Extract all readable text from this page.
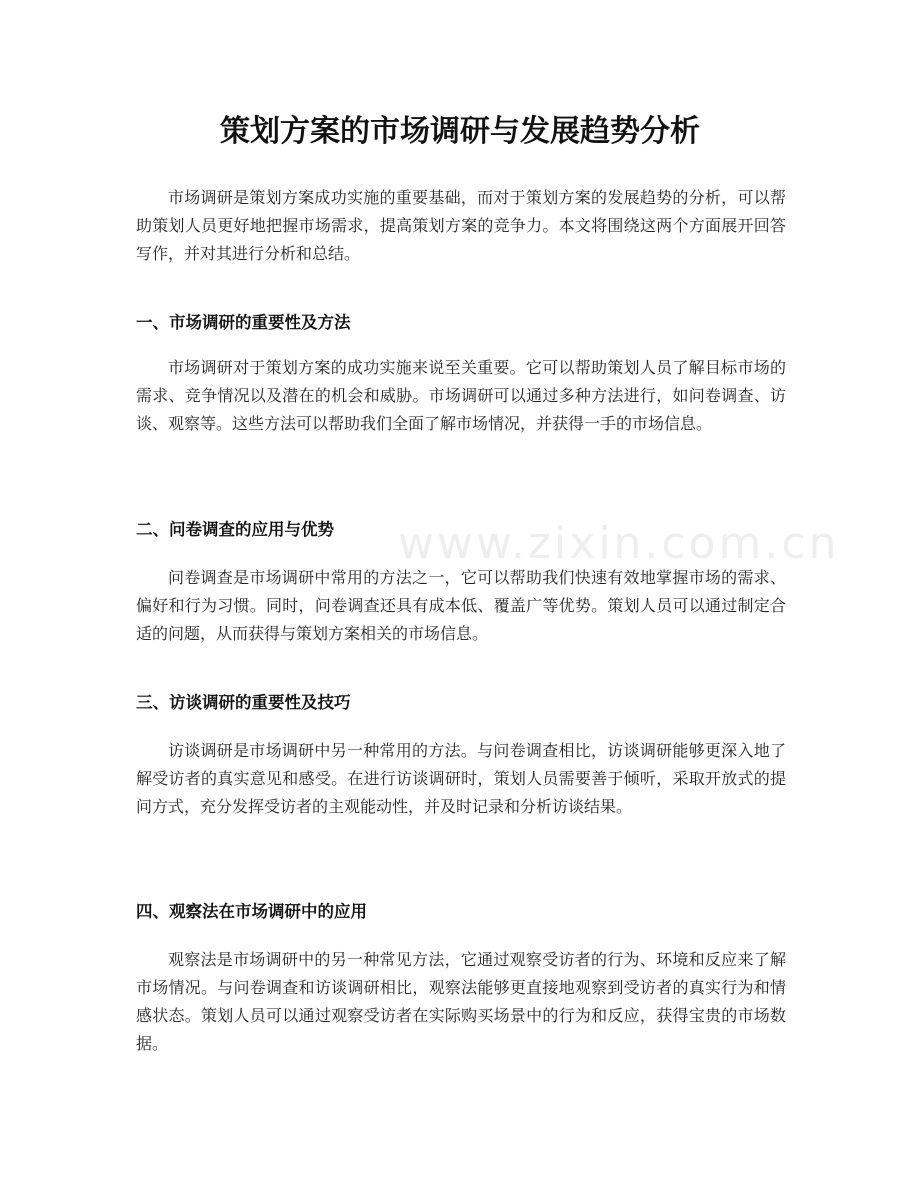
www.zixin.com.cn
策划方案的市场调研与发展趋势分析

市场调研是策划方案成功实施的重要基础，而对于策划方案的发展趋势的分析，可以帮助策划人员更好地把握市场需求，提高策划方案的竞争力。本文将围绕这两个方面展开回答写作，并对其进行分析和总结。

一、市场调研的重要性及方法

市场调研对于策划方案的成功实施来说至关重要。它可以帮助策划人员了解目标市场的需求、竞争情况以及潜在的机会和威胁。市场调研可以通过多种方法进行，如问卷调查、访谈、观察等。这些方法可以帮助我们全面了解市场情况，并获得一手的市场信息。

二、问卷调查的应用与优势

问卷调查是市场调研中常用的方法之一，它可以帮助我们快速有效地掌握市场的需求、偏好和行为习惯。同时，问卷调查还具有成本低、覆盖广等优势。策划人员可以通过制定合适的问题，从而获得与策划方案相关的市场信息。

三、访谈调研的重要性及技巧

访谈调研是市场调研中另一种常用的方法。与问卷调查相比，访谈调研能够更深入地了解受访者的真实意见和感受。在进行访谈调研时，策划人员需要善于倾听，采取开放式的提问方式，充分发挥受访者的主观能动性，并及时记录和分析访谈结果。

四、观察法在市场调研中的应用

观察法是市场调研中的另一种常见方法，它通过观察受访者的行为、环境和反应来了解市场情况。与问卷调查和访谈调研相比，观察法能够更直接地观察到受访者的真实行为和情感状态。策划人员可以通过观察受访者在实际购买场景中的行为和反应，获得宝贵的市场数据。
